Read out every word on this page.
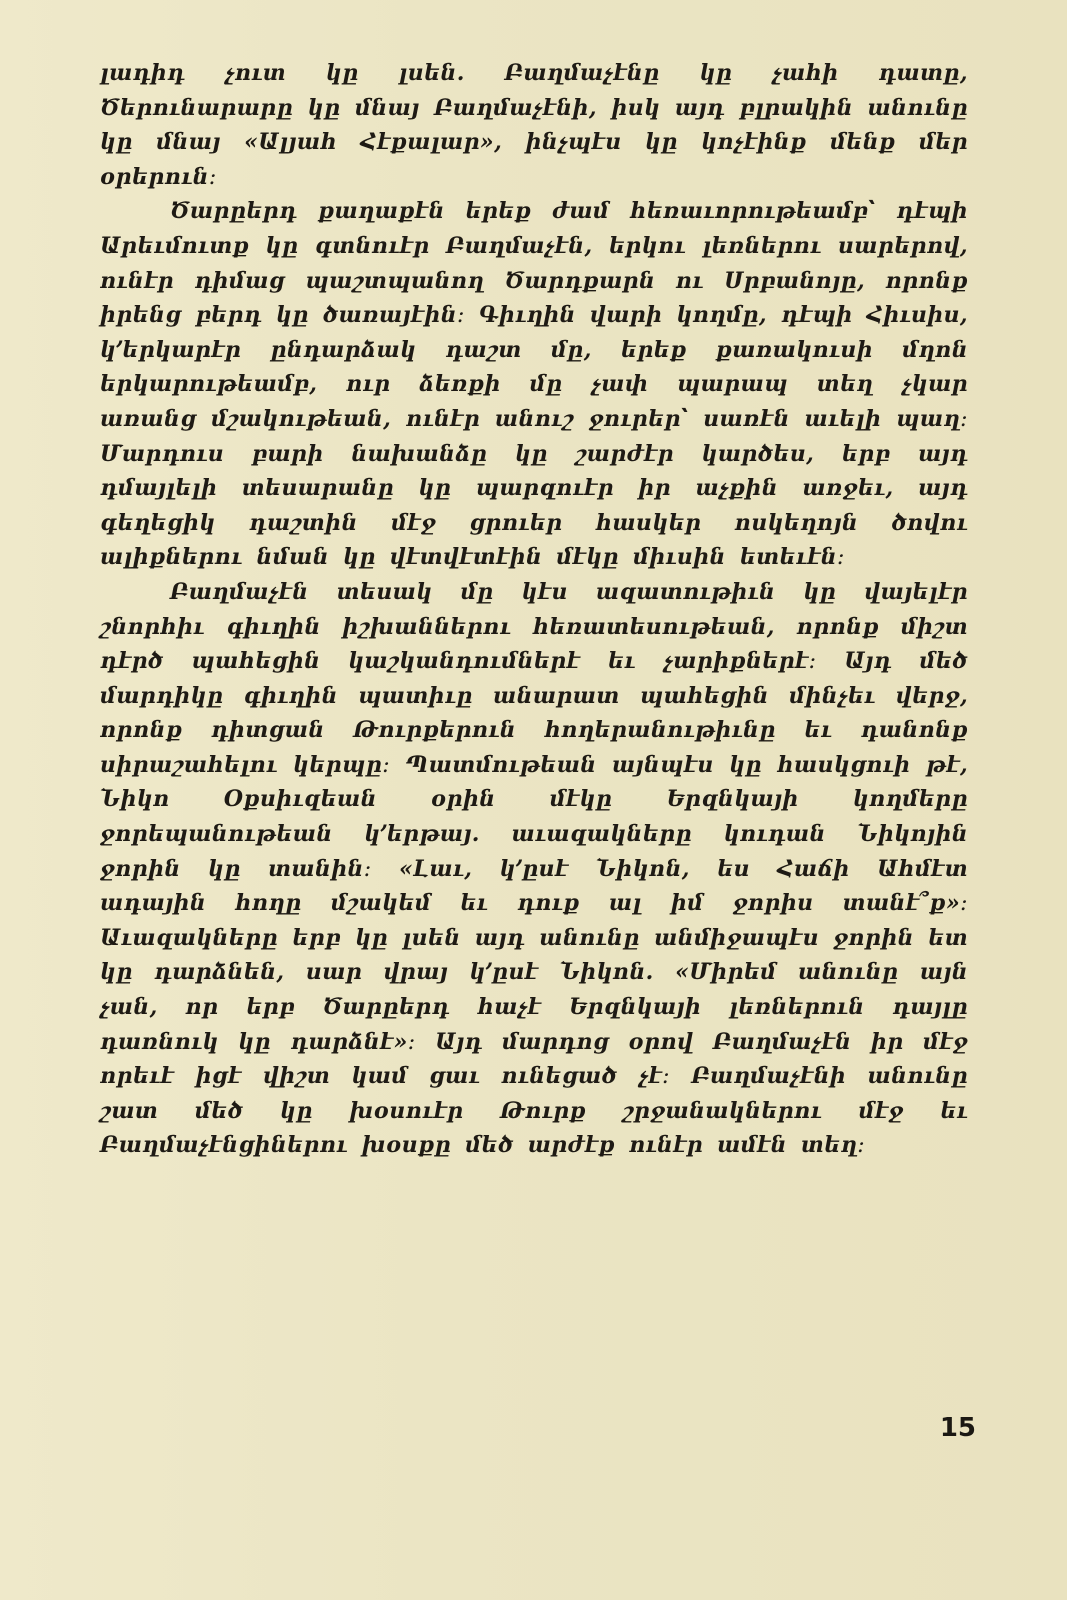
լադիդ չուտ կը լսեն․ Բաղմաչէնը կը չահի դատը, Ծերունարարը կը մնայ Բաղմաչէնի, իսկ այդ բլրակին անունը կը մնայ «Ալյահ Հէքալար», ինչպէս կը կոչէինք մենք մեր օրերուն։

Ծարըերդ քաղաքէն երեք ժամ հեռաւորութեամբ՝ դէպի Արեւմուտք կը գտնուէր Բաղմաչէն, երկու լեռներու սարերով, ունէր դիմաց պաշտպանող Ծարդքարն ու Սրբանոյը, որոնք իրենց բերդ կը ծառայէին։ Գիւղին վարի կողմը, դէպի Հիւսիս, կ՚երկարէր ընդարձակ դաշտ մը, երեք քառակուսի մղոն երկարութեամբ, ուր ձեռքի մը չափ պարապ տեղ չկար առանց մշակութեան, ունէր անուշ ջուրեր՝ սառէն աւելի պաղ։ Մարդուս բարի նախանձը կը շարժէր կարծես, երբ այդ դմայլելի տեսարանը կը պարզուէր իր աչքին առջեւ, այդ գեղեցիկ դաշտին մէջ ցրուեր հասկեր ոսկեղոյն ծովու ալիքներու նման կը վէտվէտէին մէկը միւսին ետեւէն։

Բաղմաչէն տեսակ մը կէս ազատութիւն կը վայելէր շնորհիւ գիւղին իշխաններու հեռատեսութեան, որոնք միշտ դէրծ պահեցին կաշկանդումներէ եւ չարիքներէ։ Այդ մեծ մարդիկը գիւղին պատիւը անարատ պահեցին մինչեւ վերջ, որոնք դիտցան Թուրքերուն հողերանութիւնը եւ դանոնք սիրաշահելու կերպը։ Պատմութեան այնպէս կը հասկցուի թէ, Նիկո Օքսիւզեան օրին մէկը Երզնկայի կողմերը ջորեպանութեան կ՚երթայ․ աւազակները կուդան Նիկոյին ջորին կը տանին։ «Լաւ, կ՚ըսէ Նիկոն, ես Հաճի Ահմէտ ադային հողը մշակեմ եւ դուք ալ իմ ջորիս տանէ՞ք»։ Աւազակները երբ կը լսեն այդ անունը անմիջապէս ջորին ետ կը դարձնեն, սար վրայ կ՚ըսէ Նիկոն․ «Միրեմ անունը այն չան, որ երբ Ծարըերդ հաչէ Երզնկայի լեռներուն դայլը դառնուկ կը դարձնէ»։ Այդ մարդոց օրով Բաղմաչէն իր մէջ որեւէ իցէ վիշտ կամ ցաւ ունեցած չէ։ Բաղմաչէնի անունը շատ մեծ կը խօսուէր Թուրք շրջանակներու մէջ եւ Բաղմաչէնցիներու խօսքը մեծ արժէք ունէր ամէն տեղ։

15
